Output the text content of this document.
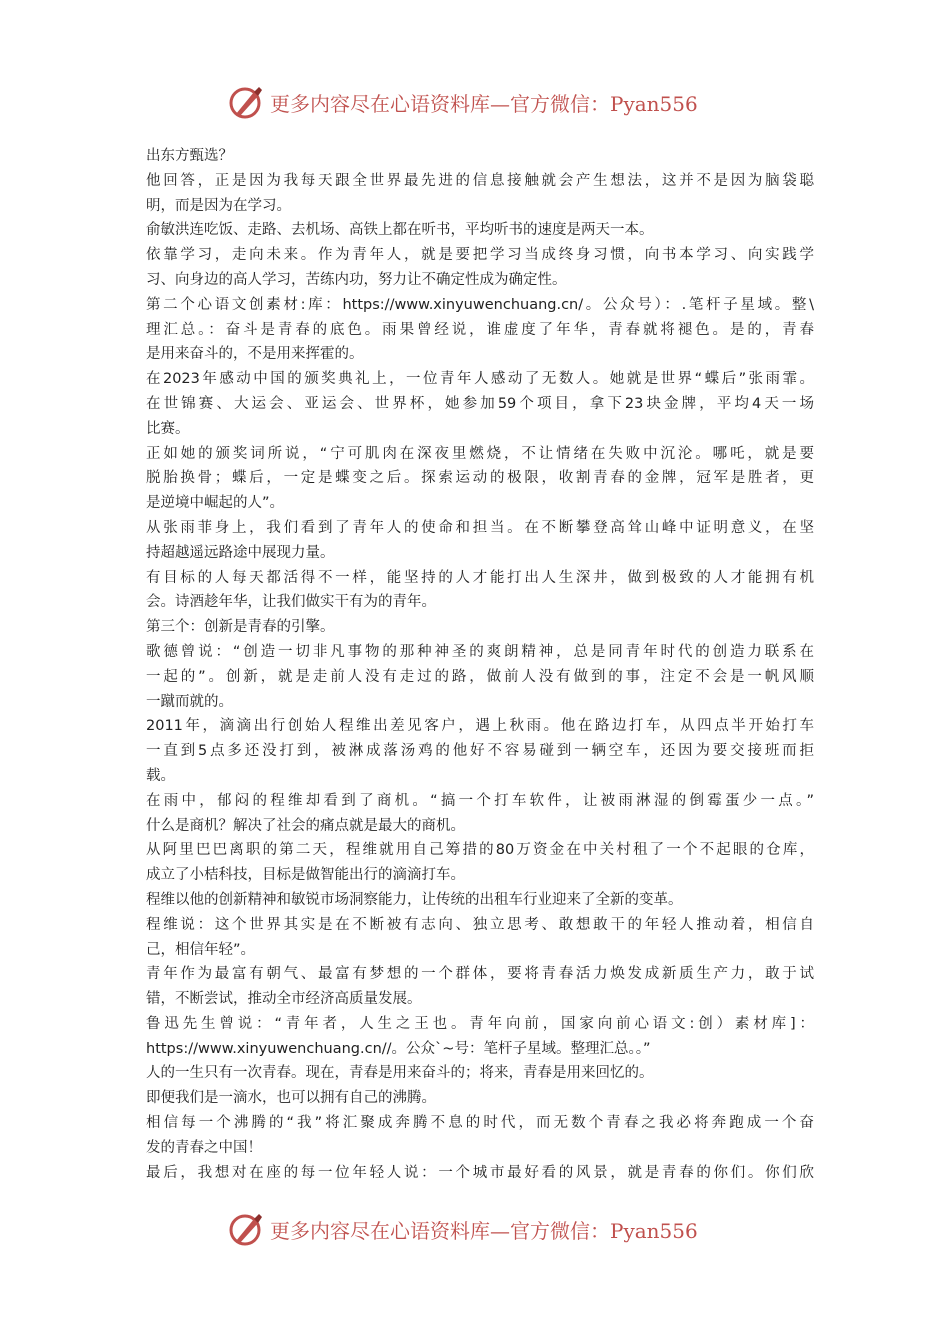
更多内容尽在心语资料库—官方微信：Pyan556
出东方甄选？
他回答，正是因为我每天跟全世界最先进的信息接触就会产生想法，这并不是因为脑袋聪
明，而是因为在学习。
俞敏洪连吃饭、走路、去机场、高铁上都在听书，平均听书的速度是两天一本。
依靠学习，走向未来。作为青年人，就是要把学习当成终身习惯，向书本学习、向实践学
习、向身边的高人学习，苦练内功，努力让不确定性成为确定性。
第二个心语文创素材:库：https://www.xinyuwenchuang.cn/。公众号）：.笔杆子星域。整\
理汇总。：奋斗是青春的底色。雨果曾经说，谁虚度了年华，青春就将褪色。是的，青春
是用来奋斗的，不是用来挥霍的。
在2023年感动中国的颁奖典礼上，一位青年人感动了无数人。她就是世界“蝶后”张雨霏。
在世锦赛、大运会、亚运会、世界杯，她参加59个项目，拿下23块金牌，平均4天一场
比赛。
正如她的颁奖词所说，“宁可肌肉在深夜里燃烧，不让情绪在失败中沉沦。哪吒，就是要
脱胎换骨；蝶后，一定是蝶变之后。探索运动的极限，收割青春的金牌，冠军是胜者，更
是逆境中崛起的人”。
从张雨菲身上，我们看到了青年人的使命和担当。在不断攀登高耸山峰中证明意义，在坚
持超越遥远路途中展现力量。
有目标的人每天都活得不一样，能坚持的人才能打出人生深井，做到极致的人才能拥有机
会。诗酒趁年华，让我们做实干有为的青年。
第三个：创新是青春的引擎。
歌德曾说：“创造一切非凡事物的那种神圣的爽朗精神，总是同青年时代的创造力联系在
一起的”。创新，就是走前人没有走过的路，做前人没有做到的事，注定不会是一帆风顺
一蹴而就的。
2011年，滴滴出行创始人程维出差见客户，遇上秋雨。他在路边打车，从四点半开始打车
一直到5点多还没打到，被淋成落汤鸡的他好不容易碰到一辆空车，还因为要交接班而拒
载。
在雨中，郁闷的程维却看到了商机。“搞一个打车软件，让被雨淋湿的倒霉蛋少一点。”
什么是商机？解决了社会的痛点就是最大的商机。
从阿里巴巴离职的第二天，程维就用自己筹措的80万资金在中关村租了一个不起眼的仓库，
成立了小桔科技，目标是做智能出行的滴滴打车。
程维以他的创新精神和敏锐市场洞察能力，让传统的出租车行业迎来了全新的变革。
程维说：这个世界其实是在不断被有志向、独立思考、敢想敢干的年轻人推动着，相信自
己，相信年轻”。
青年作为最富有朝气、最富有梦想的一个群体，要将青春活力焕发成新质生产力，敢于试
错，不断尝试，推动全市经济高质量发展。
鲁迅先生曾说：“青年者，人生之王也。青年向前，国家向前心语文:创）素材库]：
https://www.xinyuwenchuang.cn//。公众`~号：笔杆子星域。整理汇总。。”
人的一生只有一次青春。现在，青春是用来奋斗的；将来，青春是用来回忆的。
即便我们是一滴水，也可以拥有自己的沸腾。
相信每一个沸腾的“我”将汇聚成奔腾不息的时代，而无数个青春之我必将奔跑成一个奋
发的青春之中国！
最后，我想对在座的每一位年轻人说：一个城市最好看的风景，就是青春的你们。你们欣
更多内容尽在心语资料库—官方微信：Pyan556
